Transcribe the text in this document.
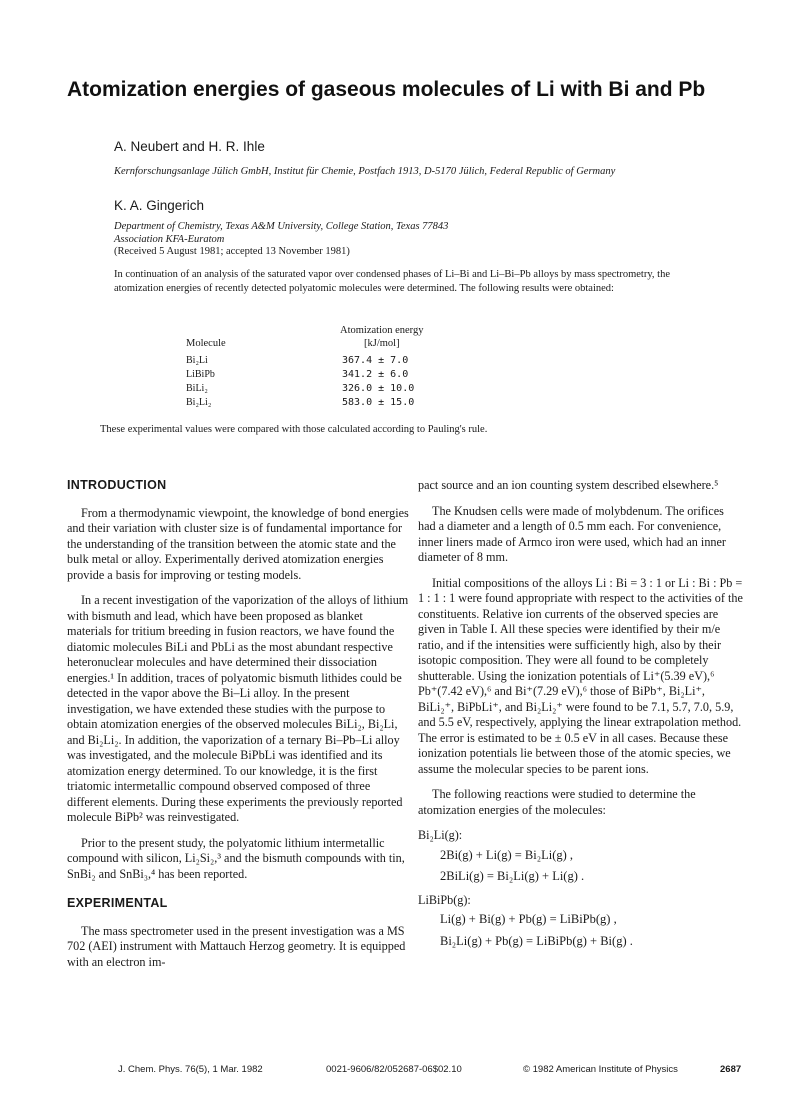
Atomization energies of gaseous molecules of Li with Bi and Pb
A. Neubert and H. R. Ihle
Kernforschungsanlage Jülich GmbH, Institut für Chemie, Postfach 1913, D-5170 Jülich, Federal Republic of Germany
K. A. Gingerich
Department of Chemistry, Texas A&M University, College Station, Texas 77843
Association KFA-Euratom
(Received 5 August 1981; accepted 13 November 1981)
In continuation of an analysis of the saturated vapor over condensed phases of Li–Bi and Li–Bi–Pb alloys by mass spectrometry, the atomization energies of recently detected polyatomic molecules were determined. The following results were obtained:
Atomization energy
Molecule	[kJ/mol]
Bi₂Li	367.4 ± 7.0
LiBiPb	341.2 ± 6.0
BiLi₂	326.0 ± 10.0
Bi₂Li₂	583.0 ± 15.0
These experimental values were compared with those calculated according to Pauling's rule.
INTRODUCTION

From a thermodynamic viewpoint, the knowledge of bond energies and their variation with cluster size is of fundamental importance for the understanding of the transition between the atomic state and the bulk metal or alloy. Experimentally derived atomization energies provide a basis for improving or testing models.

In a recent investigation of the vaporization of the alloys of lithium with bismuth and lead, which have been proposed as blanket materials for tritium breeding in fusion reactors, we have found the diatomic molecules BiLi and PbLi as the most abundant respective heteronuclear molecules and have determined their dissociation energies.¹ In addition, traces of polyatomic bismuth lithides could be detected in the vapor above the Bi–Li alloy. In the present investigation, we have extended these studies with the purpose to obtain atomization energies of the observed molecules BiLi₂, Bi₂Li, and Bi₂Li₂. In addition, the vaporization of a ternary Bi–Pb–Li alloy was investigated, and the molecule BiPbLi was identified and its atomization energy determined. To our knowledge, it is the first triatomic intermetallic compound observed composed of three different elements. During these experiments the previously reported molecule BiPb² was reinvestigated.

Prior to the present study, the polyatomic lithium intermetallic compound with silicon, Li₂Si₂,³ and the bismuth compounds with tin, SnBi₂ and SnBi₃,⁴ has been reported.

EXPERIMENTAL

The mass spectrometer used in the present investigation was a MS 702 (AEI) instrument with Mattauch Herzog geometry. It is equipped with an electron im-

pact source and an ion counting system described elsewhere.⁵

The Knudsen cells were made of molybdenum. The orifices had a diameter and a length of 0.5 mm each. For convenience, inner liners made of Armco iron were used, which had an inner diameter of 8 mm.

Initial compositions of the alloys Li : Bi = 3 : 1 or Li : Bi : Pb = 1 : 1 : 1 were found appropriate with respect to the activities of the constituents. Relative ion currents of the observed species are given in Table I. All these species were identified by their m/e ratio, and if the intensities were sufficiently high, also by their isotopic composition. They were all found to be completely shutterable. Using the ionization potentials of Li⁺(5.39 eV),⁶ Pb⁺(7.42 eV),⁶ and Bi⁺(7.29 eV),⁶ those of BiPb⁺, Bi₂Li⁺, BiLi₂⁺, BiPbLi⁺, and Bi₂Li₂⁺ were found to be 7.1, 5.7, 7.0, 5.9, and 5.5 eV, respectively, applying the linear extrapolation method. The error is estimated to be ± 0.5 eV in all cases. Because these ionization potentials lie between those of the atomic species, we assume the molecular species to be parent ions.

The following reactions were studied to determine the atomization energies of the molecules:

Bi₂Li(g):
2Bi(g) + Li(g) = Bi₂Li(g) ,
2BiLi(g) = Bi₂Li(g) + Li(g) .
LiBiPb(g):
Li(g) + Bi(g) + Pb(g) = LiBiPb(g) ,
Bi₂Li(g) + Pb(g) = LiBiPb(g) + Bi(g) .
J. Chem. Phys. 76(5), 1 Mar. 1982	0021-9606/82/052687-06$02.10	© 1982 American Institute of Physics	2687
